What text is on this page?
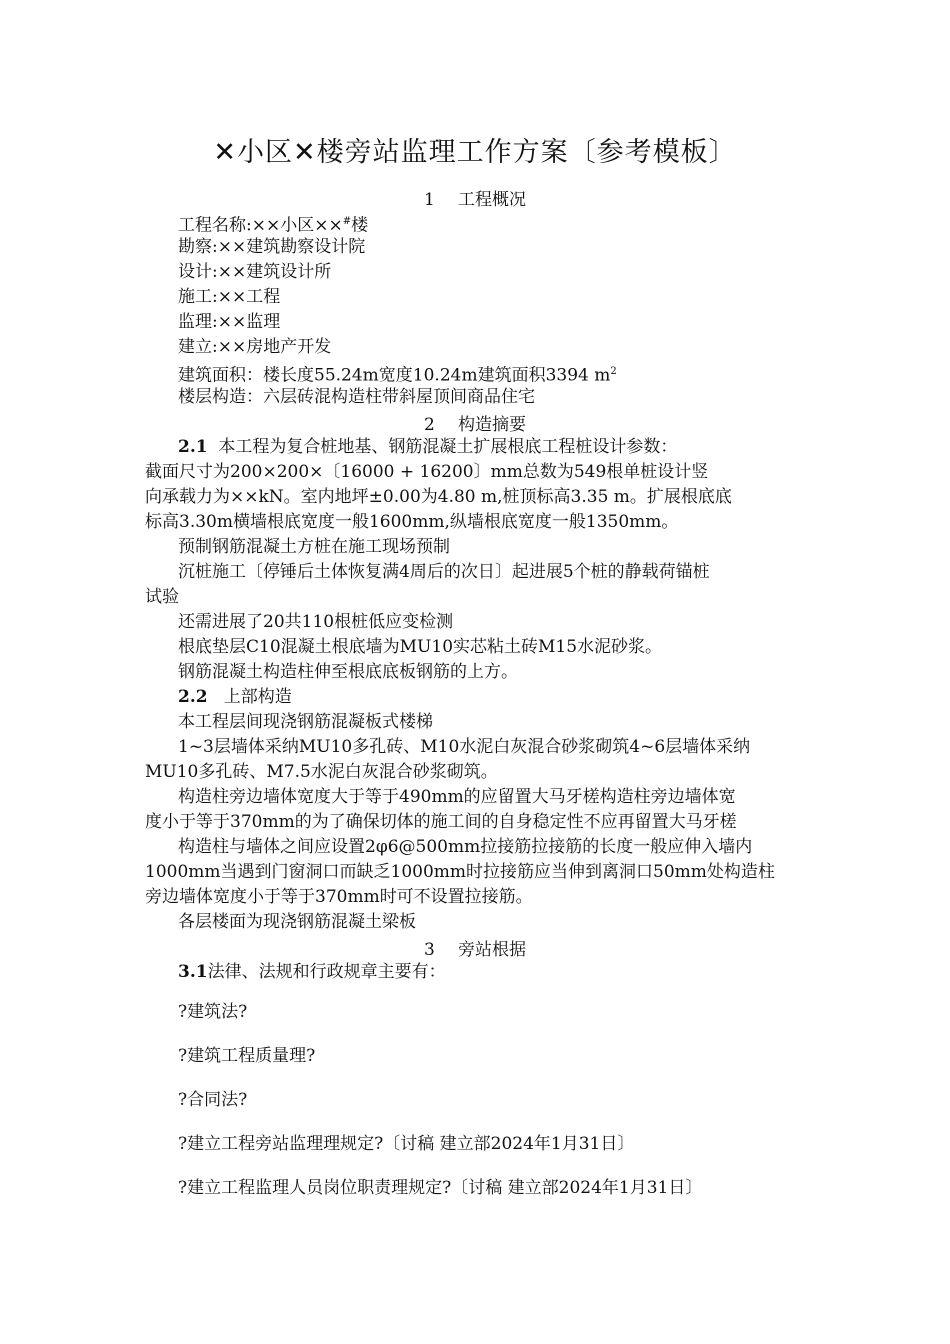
✕小区✕楼旁站监理工作方案〔参考模板〕
1 工程概况
工程名称:××小区××#楼
勘察:××建筑勘察设计院
设计:××建筑设计所
施工:××工程
监理:××监理
建立:××房地产开发
建筑面积：楼长度55.24m宽度10.24m建筑面积3394 $m^2$
楼层构造：六层砖混构造柱带斜屋顶间商品住宅
2 构造摘要
2.1 本工程为复合桩地基、钢筋混凝土扩展根底工程桩设计参数：
截面尺寸为200×200×〔16000 + 16200〕mm总数为549根单桩设计竖
向承载力为××kN。室内地坪±0.00为4.80 m,桩顶标高3.35 m。扩展根底底
标高3.30m横墙根底宽度一般1600mm,纵墙根底宽度一般1350mm。
预制钢筋混凝土方桩在施工现场预制
沉桩施工〔停锤后土体恢复满4周后的次日〕起进展5个桩的静载荷锚桩
试验
还需进展了20共110根桩低应变检测
根底垫层C10混凝土根底墙为MU10实芯粘土砖M15水泥砂浆。
钢筋混凝土构造柱伸至根底底板钢筋的上方。
2.2 上部构造
本工程层间现浇钢筋混凝板式楼梯
1~3层墙体采纳MU10多孔砖、M10水泥白灰混合砂浆砌筑4~6层墙体采纳
MU10多孔砖、M7.5水泥白灰混合砂浆砌筑。
构造柱旁边墙体宽度大于等于490mm的应留置大马牙槎构造柱旁边墙体宽
度小于等于370mm的为了确保切体的施工间的自身稳定性不应再留置大马牙槎
构造柱与墙体之间应设置2φ6@500mm拉接筋拉接筋的长度一般应伸入墙内
1000mm当遇到门窗洞口而缺乏1000mm时拉接筋应当伸到离洞口50mm处构造柱
旁边墙体宽度小于等于370mm时可不设置拉接筋。
各层楼面为现浇钢筋混凝土梁板
3 旁站根据
3.1法律、法规和行政规章主要有：
?建筑法?
?建筑工程质量理?
?合同法?
?建立工程旁站监理理规定?〔讨稿 建立部2024年1月31日〕
?建立工程监理人员岗位职责理规定?〔讨稿 建立部2024年1月31日〕
